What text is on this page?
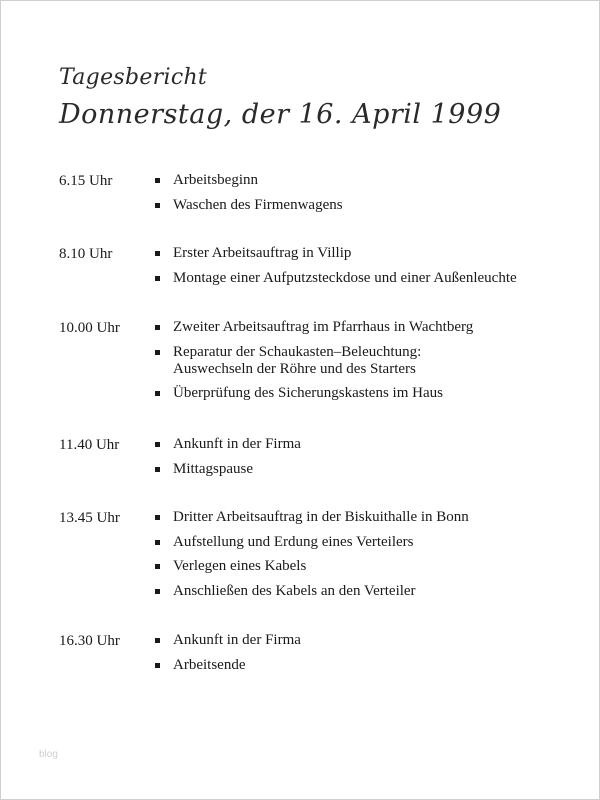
Tagesbericht
Donnerstag, der 16. April 1999
6.15 Uhr	Arbeitsbeginn
Waschen des Firmenwagens
8.10 Uhr	Erster Arbeitsauftrag in Villip
Montage einer Aufputzsteckdose und einer Außenleuchte
10.00 Uhr	Zweiter Arbeitsauftrag im Pfarrhaus in Wachtberg
Reparatur der Schaukasten–Beleuchtung:
Auswechseln der Röhre und des Starters
Überprüfung des Sicherungskastens im Haus
11.40 Uhr	Ankunft in der Firma
Mittagspause
13.45 Uhr	Dritter Arbeitsauftrag in der Biskuithalle in Bonn
Aufstellung und Erdung eines Verteilers
Verlegen eines Kabels
Anschließen des Kabels an den Verteiler
16.30 Uhr	Ankunft in der Firma
Arbeitsende
blog
